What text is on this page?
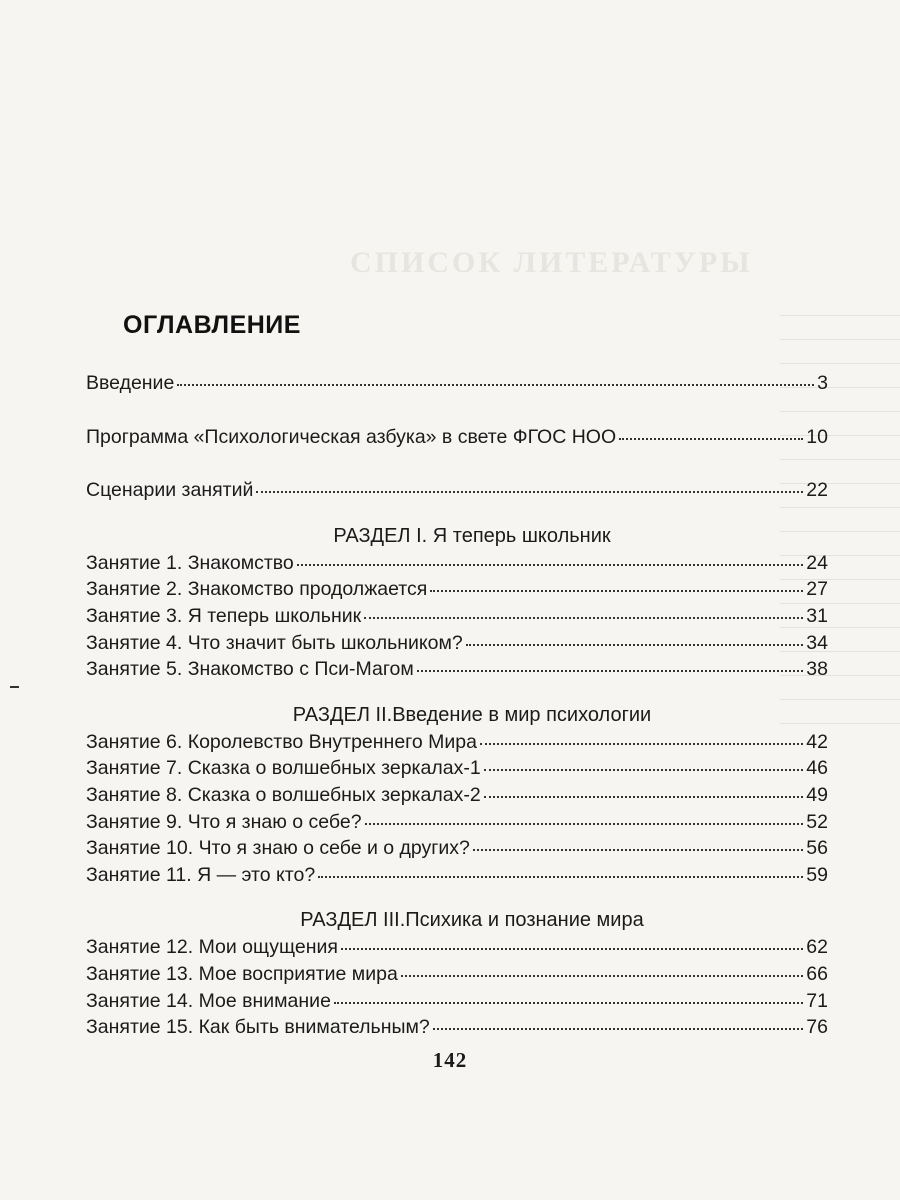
СПИСОК ЛИТЕРАТУРЫ
ОГЛАВЛЕНИЕ
Введение	3
Программа «Психологическая азбука» в свете ФГОС НОО	10
Сценарии занятий	22
РАЗДЕЛ I. Я теперь школьник
Занятие 1. Знакомство	24
Занятие 2. Знакомство продолжается	27
Занятие 3. Я теперь школьник	31
Занятие 4. Что значит быть школьником?	34
Занятие 5. Знакомство с Пси-Магом	38
РАЗДЕЛ II.Введение в мир психологии
Занятие 6. Королевство Внутреннего Мира	42
Занятие 7. Сказка о волшебных зеркалах-1	46
Занятие 8. Сказка о волшебных зеркалах-2	49
Занятие 9. Что я знаю о себе?	52
Занятие 10. Что я знаю о себе и о других?	56
Занятие 11. Я — это кто?	59
РАЗДЕЛ III.Психика и познание мира
Занятие 12. Мои ощущения	62
Занятие 13. Мое восприятие мира	66
Занятие 14. Мое внимание	71
Занятие 15. Как быть внимательным?	76
142
